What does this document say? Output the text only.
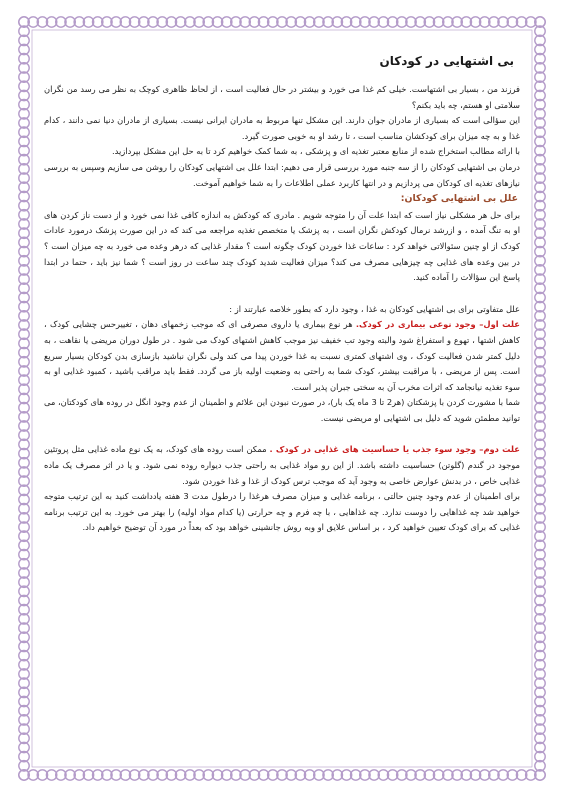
بی اشتهایی در کودکان

فرزند من ، بسیار بی اشتهاست. خیلی کم غذا می خورد و بیشتر در حال فعالیت است ، از لحاظ ظاهری کوچک به نظر می رسد من نگران سلامتی او هستم، چه باید بکنم؟

این سؤالی است که بسیاری از مادران جوان دارند. این مشکل تنها مربوط به مادران ایرانی نیست. بسیاری از مادران دنیا نمی دانند ، کدام غذا و به چه میزان برای کودکشان مناسب است ، تا رشد او به خوبی صورت گیرد.

با ارائه مطالب استخراج شده از منابع معتبر تغذیه ای و پزشکی ، به شما کمک خواهیم کرد تا به حل این مشکل بپردازید.

درمان بی اشتهایی کودکان را از سه جنبه مورد بررسی قرار می دهیم: ابتدا علل بی اشتهایی کودکان را روشن می سازیم وسپس به بررسی نیازهای تغذیه ای کودکان می پردازیم و در انتها کاربرد عملی اطلاعات را به شما خواهیم آموخت.

علل بی اشتهایی کودکان:

برای حل هر مشکلی نیاز است که ابتدا علت آن را متوجه شویم . مادری که کودکش به اندازه کافی غذا نمی خورد و از دست ناز کردن های او به تنگ آمده ، و ازرشد نرمال کودکش نگران است ، به پزشک یا متخصص تغذیه مراجعه می کند که در این صورت پزشک درمورد عادات کودک از او چنین سئوالاتی خواهد کرد : ساعات غذا خوردن کودک چگونه است ؟ مقدار غذایی که درهر وعده می خورد به چه میزان است ؟ در بین وعده های غذایی چه چیزهایی مصرف می کند؟ میزان فعالیت شدید کودک چند ساعت در روز است ؟ شما نیز باید ، حتما در ابتدا پاسخ این سؤالات را آماده کنید.

علل متفاوتی برای بی اشتهایی کودکان به غذا ، وجود دارد که بطور خلاصه عبارتند از :

علت اول– وجود نوعی بیماری در کودک. هر نوع بیماری یا داروی مصرفی ای که موجب زخمهای دهان ، تغییرحس چشایی کودک ، کاهش اشتها ، تهوع و استفراغ شود والبته وجود تب خفیف نیز موجب کاهش اشتهای کودک می شود . در طول دوران مریضی یا نقاهت ، به دلیل کمتر شدن فعالیت کودک ، وی اشتهای کمتری نسبت به غذا خوردن پیدا می کند ولی نگران نباشید بازسازی بدن کودکان بسیار سریع است. پس از مریضی ، با مراقبت بیشتر، کودک شما به راحتی به وضعیت اولیه باز می گردد. فقط باید مراقب باشید ، کمبود غذایی او به سوء تغذیه نیانجامد که اثرات مخرب آن به سختی جبران پذیر است.

شما با مشورت کردن با پزشکتان (هر2 تا 3 ماه یک بار)، در صورت نبودن این علائم و اطمینان از عدم وجود انگل در روده های کودکتان، می توانید مطمئن شوید که دلیل بی اشتهایی او مریضی نیست.

علت دوم– وجود سوء جذب یا حساسیت های غذایی در کودک . ممکن است روده های کودک، به یک نوع ماده غذایی مثل پروتئین موجود در گندم (گلوتن) حساسیت داشته باشد. از این رو مواد غذایی به راحتی جذب دیواره روده نمی شود. و یا در اثر مصرف یک ماده غذایی خاص ، در بدنش عوارض خاصی به وجود آید که موجب ترس کودک از غذا و غذا خوردن شود.

برای اطمینان از عدم وجود چنین حالتی ، برنامه غذایی و میزان مصرف هرغذا را درطول مدت 3 هفته یادداشت کنید به این ترتیب متوجه خواهید شد چه غذاهایی را دوست ندارد. چه غذاهایی ، با چه فرم و چه حرارتی (یا کدام مواد اولیه) را بهتر می خورد. به این ترتیب برنامه غذایی که برای کودک تعیین خواهید کرد ، بر اساس علایق او وبه روش جانشینی خواهد بود که بعداً در مورد آن توضیح خواهیم داد.
